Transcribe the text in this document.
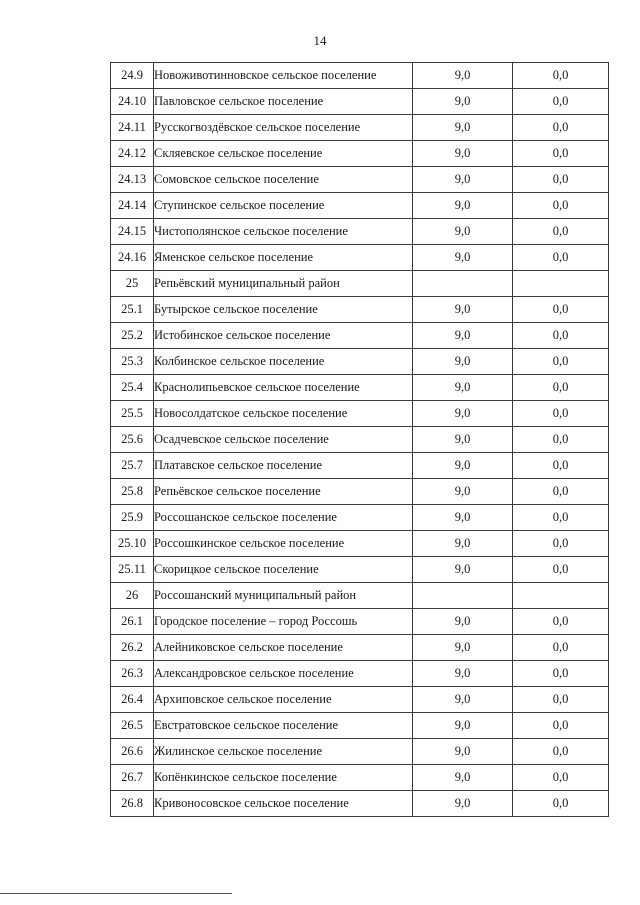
14
24.9	Новоживотинновское сельское поселение	9,0	0,0
24.10	Павловское сельское поселение	9,0	0,0
24.11	Русскогвоздёвское сельское поселение	9,0	0,0
24.12	Скляевское сельское поселение	9,0	0,0
24.13	Сомовское сельское поселение	9,0	0,0
24.14	Ступинское сельское поселение	9,0	0,0
24.15	Чистополянское сельское поселение	9,0	0,0
24.16	Яменское сельское поселение	9,0	0,0
25	Репьёвский муниципальный район		
25.1	Бутырское сельское поселение	9,0	0,0
25.2	Истобинское сельское поселение	9,0	0,0
25.3	Колбинское сельское поселение	9,0	0,0
25.4	Краснолипьевское сельское поселение	9,0	0,0
25.5	Новосолдатское сельское поселение	9,0	0,0
25.6	Осадчевское сельское поселение	9,0	0,0
25.7	Платавское сельское поселение	9,0	0,0
25.8	Репьёвское сельское поселение	9,0	0,0
25.9	Россошанское сельское поселение	9,0	0,0
25.10	Россошкинское сельское поселение	9,0	0,0
25.11	Скорицкое сельское поселение	9,0	0,0
26	Россошанский муниципальный район		
26.1	Городское поселение – город Россошь	9,0	0,0
26.2	Алейниковское сельское поселение	9,0	0,0
26.3	Александровское сельское поселение	9,0	0,0
26.4	Архиповское сельское поселение	9,0	0,0
26.5	Евстратовское сельское поселение	9,0	0,0
26.6	Жилинское сельское поселение	9,0	0,0
26.7	Копёнкинское сельское поселение	9,0	0,0
26.8	Кривоносовское сельское поселение	9,0	0,0
